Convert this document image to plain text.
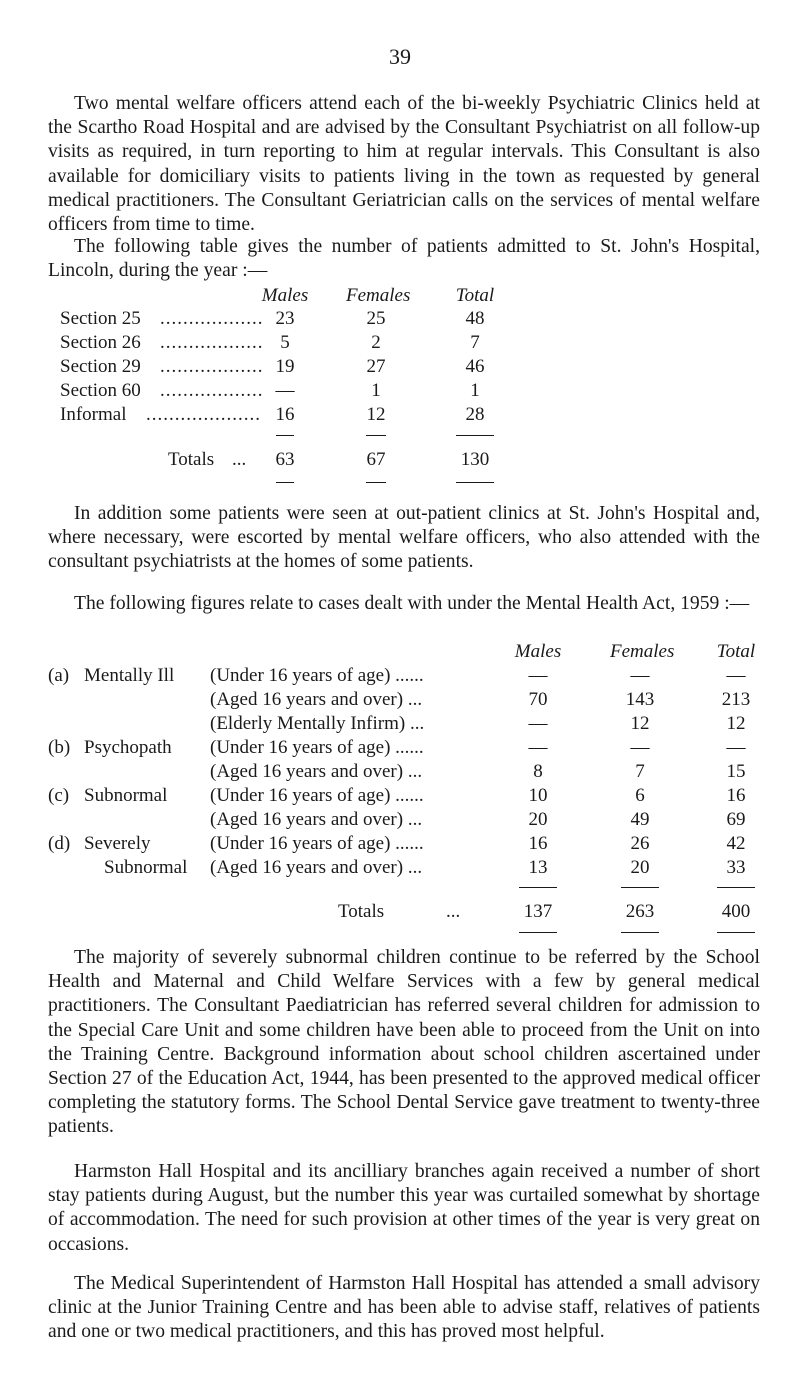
39

Two mental welfare officers attend each of the bi-weekly Psychiatric Clinics held at the Scartho Road Hospital and are advised by the Consultant Psychiatrist on all follow-up visits as required, in turn reporting to him at regular intervals. This Consultant is also available for domiciliary visits to patients living in the town as requested by general medical practitioners. The Consultant Geriatrician calls on the services of mental welfare officers from time to time.

The following table gives the number of patients admitted to St. John's Hospital, Lincoln, during the year :—

Males	Females	Total
Section 25 .................. 23	25	48
Section 26 .................. 5	2	7
Section 29 .................. 19	27	46
Section 60 .................. —	1	1
Informal .................... 16	12	28
Totals ...	63	67	130

In addition some patients were seen at out-patient clinics at St. John's Hospital and, where necessary, were escorted by mental welfare officers, who also attended with the consultant psychiatrists at the homes of some patients.

The following figures relate to cases dealt with under the Mental Health Act, 1959 :—

Males	Females	Total
(a) Mentally Ill (Under 16 years of age) ......	—	—	—
(Aged 16 years and over) ...	70	143	213
(Elderly Mentally Infirm) ...	—	12	12
(b) Psychopath (Under 16 years of age) ......	—	—	—
(Aged 16 years and over) ...	8	7	15
(c) Subnormal (Under 16 years of age) ......	10	6	16
(Aged 16 years and over) ...	20	49	69
(d) Severely	(Under 16 years of age) ......	16	26	42
Subnormal (Aged 16 years and over) ...	13	20	33
Totals	...	137	263	400

The majority of severely subnormal children continue to be referred by the School Health and Maternal and Child Welfare Services with a few by general medical practitioners. The Consultant Paediatrician has referred several children for admission to the Special Care Unit and some children have been able to proceed from the Unit on into the Training Centre. Background information about school children ascertained under Section 27 of the Education Act, 1944, has been presented to the approved medical officer completing the statutory forms. The School Dental Service gave treatment to twenty-three patients.

Harmston Hall Hospital and its ancilliary branches again received a number of short stay patients during August, but the number this year was curtailed somewhat by shortage of accommodation. The need for such provision at other times of the year is very great on occasions.

The Medical Superintendent of Harmston Hall Hospital has attended a small advisory clinic at the Junior Training Centre and has been able to advise staff, relatives of patients and one or two medical practitioners, and this has proved most helpful.
